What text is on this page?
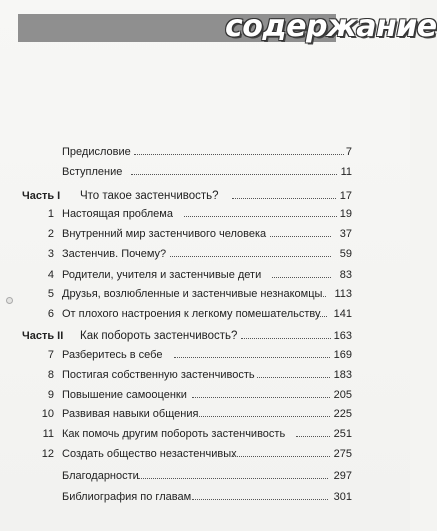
содержание
Предисловие	7
Вступление	11
Часть I Что такое застенчивость?	17
1 Настоящая проблема	19
2 Внутренний мир застенчивого человека	37
3 Застенчив. Почему?	59
4 Родители, учителя и застенчивые дети	83
5 Друзья, возлюбленные и застенчивые незнакомцы 113
6 От плохого настроения к легкому помешательству 141
Часть II Как побороть застенчивость?	163
7 Разберитесь в себе	169
8 Постигая собственную застенчивость	183
9 Повышение самооценки	205
10 Развивая навыки общения	225
11 Как помочь другим побороть застенчивость	251
12 Создать общество незастенчивых	275
Благодарности	297
Библиография по главам	301
